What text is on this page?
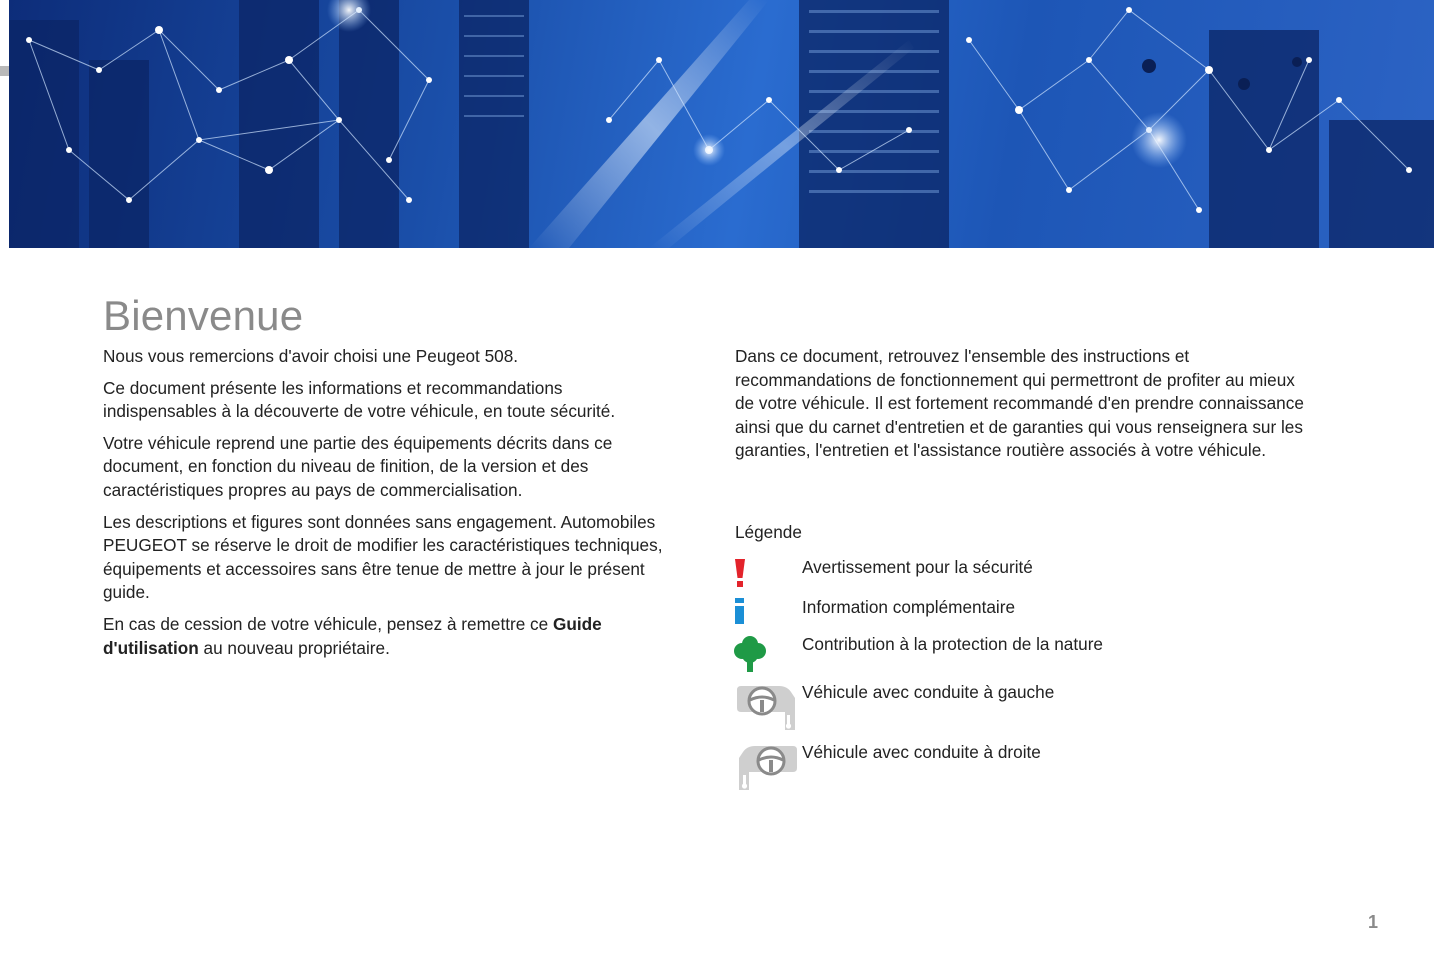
Bienvenue

Nous vous remercions d'avoir choisi une Peugeot 508.

Ce document présente les informations et recommandations indispensables à la découverte de votre véhicule, en toute sécurité.

Votre véhicule reprend une partie des équipements décrits dans ce document, en fonction du niveau de finition, de la version et des caractéristiques propres au pays de commercialisation.

Les descriptions et figures sont données sans engagement. Automobiles PEUGEOT se réserve le droit de modifier les caractéristiques techniques, équipements et accessoires sans être tenue de mettre à jour le présent guide.

En cas de cession de votre véhicule, pensez à remettre ce Guide d'utilisation au nouveau propriétaire.

Dans ce document, retrouvez l'ensemble des instructions et recommandations de fonctionnement qui permettront de profiter au mieux de votre véhicule. Il est fortement recommandé d'en prendre connaissance ainsi que du carnet d'entretien et de garanties qui vous renseignera sur les garanties, l'entretien et l'assistance routière associés à votre véhicule.

Légende
Avertissement pour la sécurité
Information complémentaire
Contribution à la protection de la nature
Véhicule avec conduite à gauche
Véhicule avec conduite à droite
1
